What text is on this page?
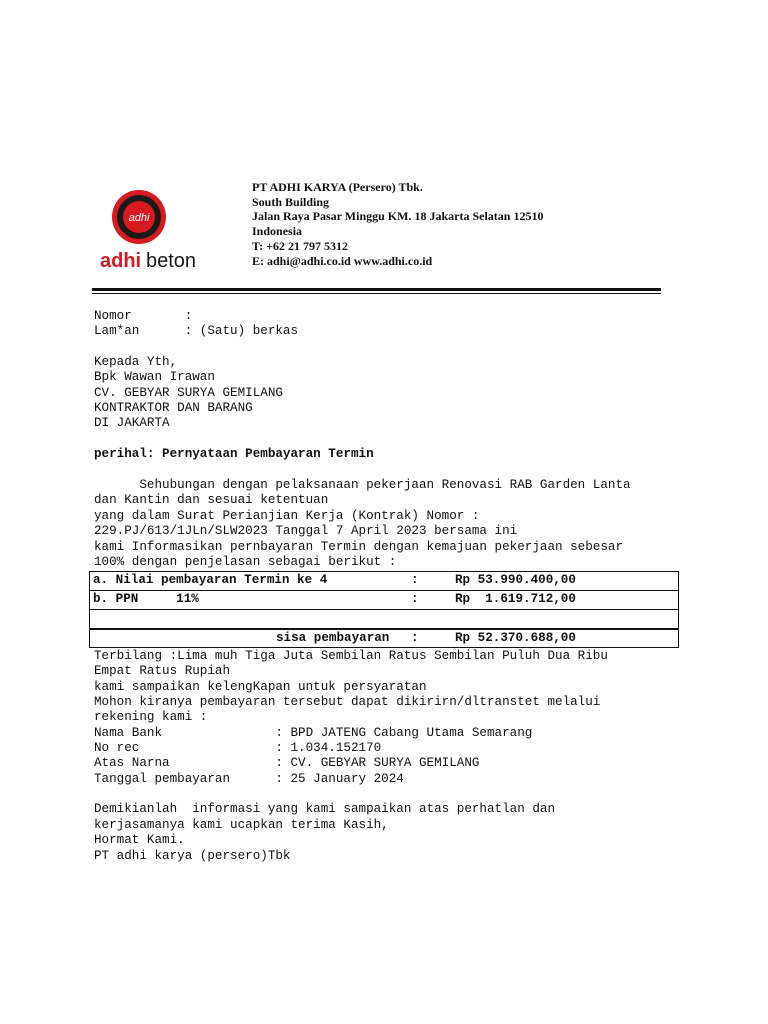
adhi
adhi beton
PT ADHI KARYA (Persero) Tbk.
South Building
Jalan Raya Pasar Minggu KM. 18 Jakarta Selatan 12510
Indonesia
T: +62 21 797 5312
E: adhi@adhi.co.id www.adhi.co.id
Nomor       :
Lam*an      : (Satu) berkas
Kepada Yth,
Bpk Wawan Irawan
CV. GEBYAR SURYA GEMILANG
KONTRAKTOR DAN BARANG
DI JAKARTA
perihal: Pernyataan Pembayaran Termin
Sehubungan dengan pelaksanaan pekerjaan Renovasi RAB Garden Lanta
dan Kantin dan sesuai ketentuan
yang dalam Surat Perianjian Kerja (Kontrak) Nomor :
229.PJ/613/1JLn/SLW2023 Tanggal 7 April 2023 bersama ini
kami Informasikan pernbayaran Termin dengan kemajuan pekerjaan sebesar
100% dengan penjelasan sebagai berikut :
a. Nilai pembayaran Termin ke 4	:	Rp 53.990.400,00
b. PPN     11%	:	Rp  1.619.712,00
sisa pembayaran :	Rp 52.370.688,00
Terbilang :Lima muh Tiga Juta Sembilan Ratus Sembilan Puluh Dua Ribu
Empat Ratus Rupiah
kami sampaikan kelengKapan untuk persyaratan
Mohon kiranya pembayaran tersebut dapat dikirirn/dltranstet melalui
rekening kami :
Nama Bank               : BPD JATENG Cabang Utama Semarang
No rec                  : 1.034.152170
Atas Narna              : CV. GEBYAR SURYA GEMILANG
Tanggal pembayaran      : 25 January 2024
Demikianlah  informasi yang kami sampaikan atas perhatlan dan
kerjasamanya kami ucapkan terima Kasih,
Hormat Kami.
PT adhi karya (persero)Tbk
